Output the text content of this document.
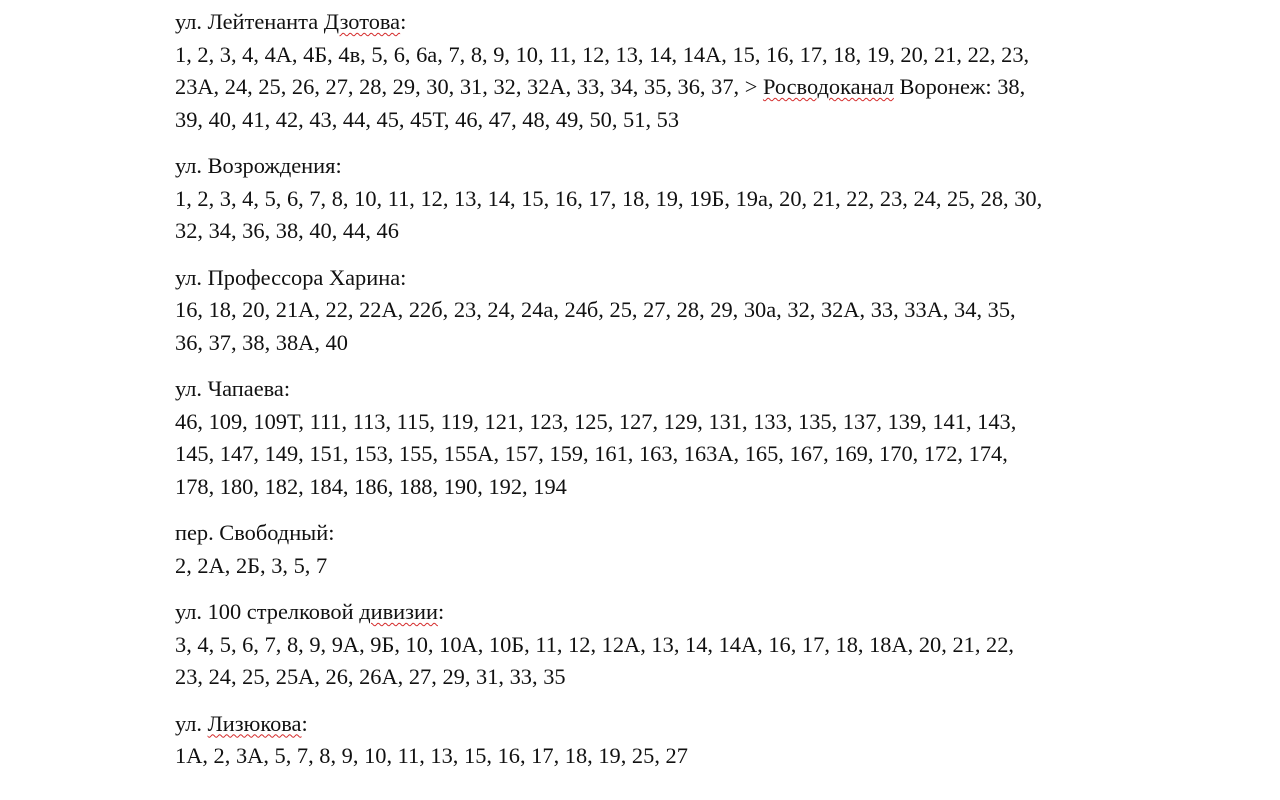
ул. Лейтенанта Дзотова:

1, 2, 3, 4, 4А, 4Б, 4в, 5, 6, 6а, 7, 8, 9, 10, 11, 12, 13, 14, 14А, 15, 16, 17, 18, 19, 20, 21, 22, 23,
23А, 24, 25, 26, 27, 28, 29, 30, 31, 32, 32А, 33, 34, 35, 36, 37, > Росводоканал Воронеж: 38,
39, 40, 41, 42, 43, 44, 45, 45Т, 46, 47, 48, 49, 50, 51, 53

ул. Возрождения:

1, 2, 3, 4, 5, 6, 7, 8, 10, 11, 12, 13, 14, 15, 16, 17, 18, 19, 19Б, 19а, 20, 21, 22, 23, 24, 25, 28, 30,
32, 34, 36, 38, 40, 44, 46

ул. Профессора Харина:

16, 18, 20, 21А, 22, 22А, 22б, 23, 24, 24а, 24б, 25, 27, 28, 29, 30а, 32, 32А, 33, 33А, 34, 35,
36, 37, 38, 38А, 40

ул. Чапаева:

46, 109, 109Т, 111, 113, 115, 119, 121, 123, 125, 127, 129, 131, 133, 135, 137, 139, 141, 143,
145, 147, 149, 151, 153, 155, 155А, 157, 159, 161, 163, 163А, 165, 167, 169, 170, 172, 174,
178, 180, 182, 184, 186, 188, 190, 192, 194

пер. Свободный:

2, 2А, 2Б, 3, 5, 7

ул. 100 стрелковой дивизии:

3, 4, 5, 6, 7, 8, 9, 9А, 9Б, 10, 10А, 10Б, 11, 12, 12А, 13, 14, 14А, 16, 17, 18, 18А, 20, 21, 22,
23, 24, 25, 25А, 26, 26А, 27, 29, 31, 33, 35

ул. Лизюкова:

1А, 2, 3А, 5, 7, 8, 9, 10, 11, 13, 15, 16, 17, 18, 19, 25, 27
